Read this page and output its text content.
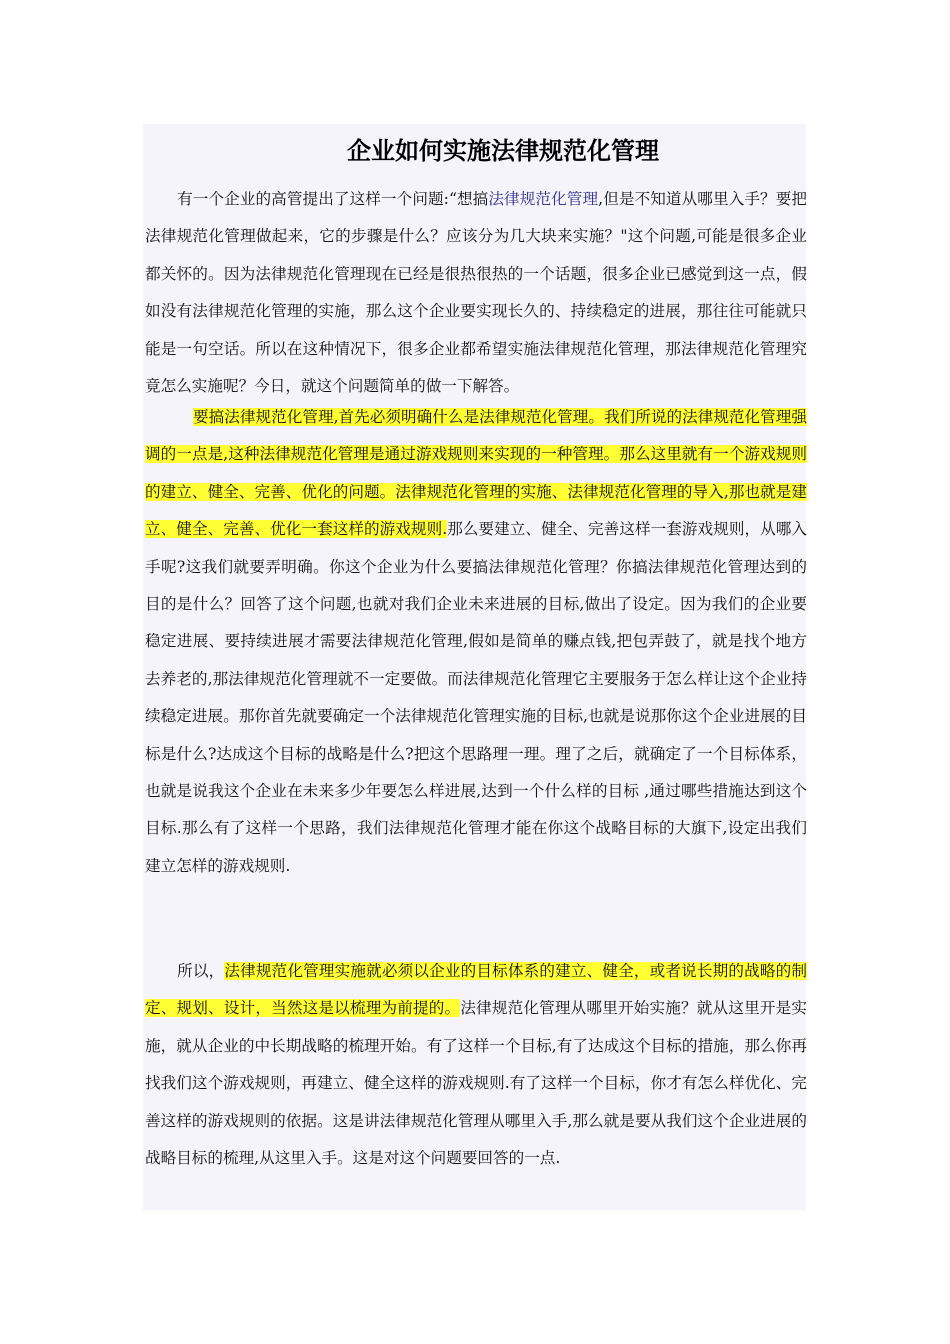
企业如何实施法律规范化管理

有一个企业的高管提出了这样一个问题:“想搞法律规范化管理,但是不知道从哪里入手？要把法律规范化管理做起来，它的步骤是什么？应该分为几大块来实施？"这个问题,可能是很多企业都关怀的。因为法律规范化管理现在已经是很热很热的一个话题，很多企业已感觉到这一点，假如没有法律规范化管理的实施，那么这个企业要实现长久的、持续稳定的进展，那往往可能就只能是一句空话。所以在这种情况下，很多企业都希望实施法律规范化管理，那法律规范化管理究竟怎么实施呢？今日，就这个问题简单的做一下解答。

要搞法律规范化管理,首先必须明确什么是法律规范化管理。我们所说的法律规范化管理强调的一点是,这种法律规范化管理是通过游戏规则来实现的一种管理。那么这里就有一个游戏规则的建立、健全、完善、优化的问题。法律规范化管理的实施、法律规范化管理的导入,那也就是建立、健全、完善、优化一套这样的游戏规则.那么要建立、健全、完善这样一套游戏规则，从哪入手呢?这我们就要弄明确。你这个企业为什么要搞法律规范化管理？你搞法律规范化管理达到的目的是什么？回答了这个问题,也就对我们企业未来进展的目标,做出了设定。因为我们的企业要稳定进展、要持续进展才需要法律规范化管理,假如是简单的赚点钱,把包弄鼓了，就是找个地方去养老的,那法律规范化管理就不一定要做。而法律规范化管理它主要服务于怎么样让这个企业持续稳定进展。那你首先就要确定一个法律规范化管理实施的目标,也就是说那你这个企业进展的目标是什么?达成这个目标的战略是什么?把这个思路理一理。理了之后，就确定了一个目标体系，也就是说我这个企业在未来多少年要怎么样进展,达到一个什么样的目标 ,通过哪些措施达到这个目标.那么有了这样一个思路，我们法律规范化管理才能在你这个战略目标的大旗下,设定出我们建立怎样的游戏规则.

所以，法律规范化管理实施就必须以企业的目标体系的建立、健全，或者说长期的战略的制定、规划、设计，当然这是以梳理为前提的。法律规范化管理从哪里开始实施？就从这里开是实施，就从企业的中长期战略的梳理开始。有了这样一个目标,有了达成这个目标的措施，那么你再找我们这个游戏规则，再建立、健全这样的游戏规则.有了这样一个目标，你才有怎么样优化、完善这样的游戏规则的依据。这是讲法律规范化管理从哪里入手,那么就是要从我们这个企业进展的战略目标的梳理,从这里入手。这是对这个问题要回答的一点.
